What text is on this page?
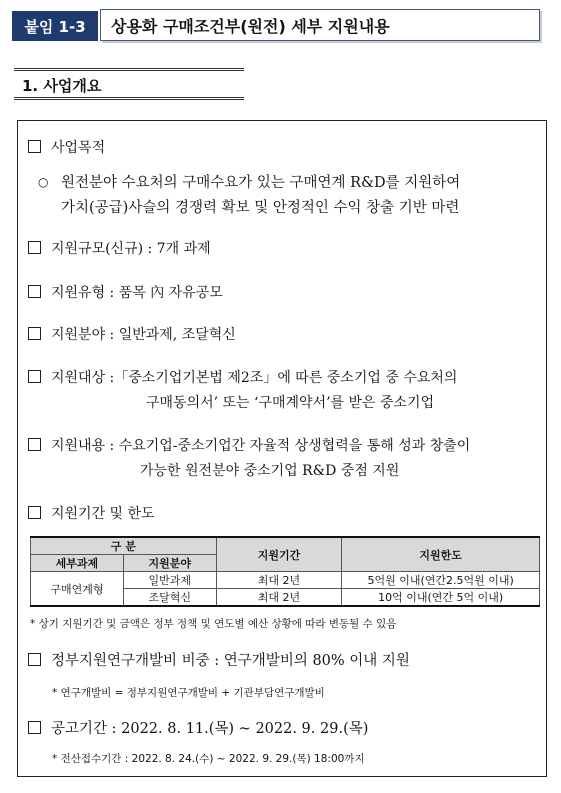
붙임 1-3	상용화 구매조건부(원전) 세부 지원내용
1. 사업개요
사업목적
○ 원전분야 수요처의 구매수요가 있는 구매연계 R&D를 지원하여
가치(공급)사슬의 경쟁력 확보 및 안정적인 수익 창출 기반 마련
지원규모(신규) : 7개 과제
지원유형 : 품목 內 자유공모
지원분야 : 일반과제, 조달혁신
지원대상 :「중소기업기본법 제2조」에 따른 중소기업 중 수요처의
구매동의서’ 또는 ‘구매계약서’를 받은 중소기업
지원내용 : 수요기업-중소기업간 자율적 상생협력을 통해 성과 창출이
가능한 원전분야 중소기업 R&D 중점 지원
지원기간 및 한도
구 분		지원기간	지원한도
세부과제	지원분야		
구매연계형	일반과제	최대 2년	5억원 이내(연간2.5억원 이내)
	조달혁신	최대 2년	10억 이내(연간 5억 이내)
* 상기 지원기간 및 금액은 정부 정책 및 연도별 예산 상황에 따라 변동될 수 있음
정부지원연구개발비 비중 : 연구개발비의 80% 이내 지원
* 연구개발비 = 정부지원연구개발비 + 기관부담연구개발비
공고기간 : 2022. 8. 11.(목) ~ 2022. 9. 29.(목)
* 전산접수기간 : 2022. 8. 24.(수) ~ 2022. 9. 29.(목) 18:00까지
